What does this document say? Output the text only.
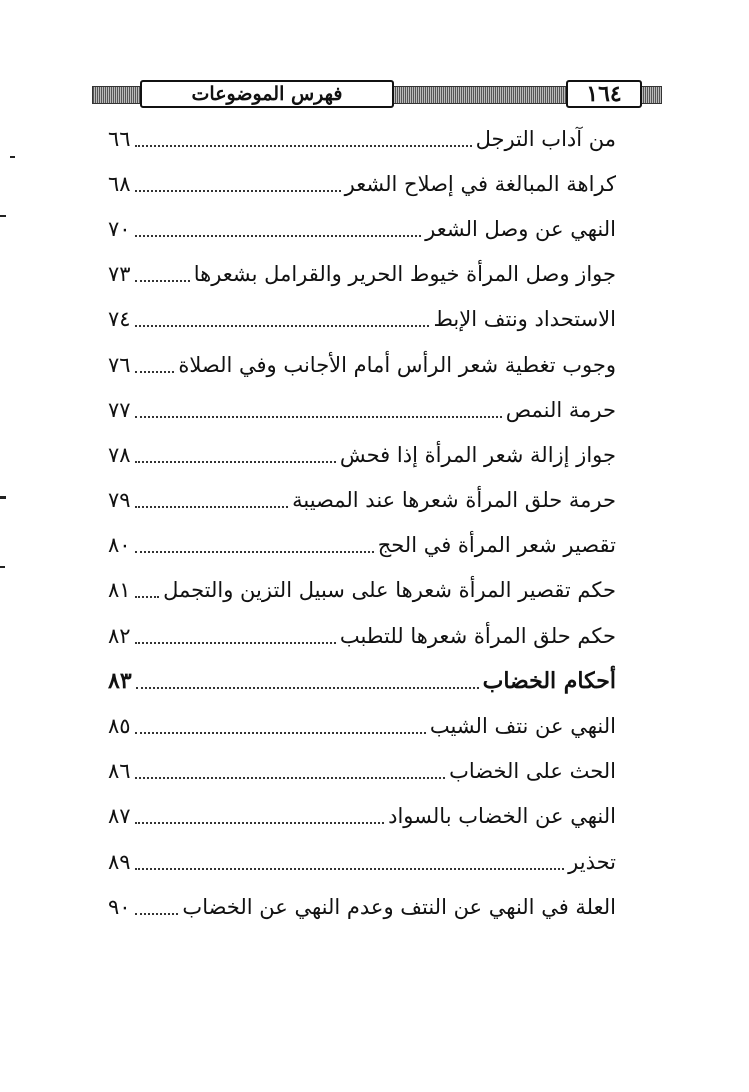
فهرس الموضوعات	١٦٤
من آداب الترجل
٦٦
كراهة المبالغة في إصلاح الشعر
٦٨
النهي عن وصل الشعر
٧٠
جواز وصل المرأة خيوط الحرير والقرامل بشعرها
٧٣
الاستحداد ونتف الإبط
٧٤
وجوب تغطية شعر الرأس أمام الأجانب وفي الصلاة
٧٦
حرمة النمص
٧٧
جواز إزالة شعر المرأة إذا فحش
٧٨
حرمة حلق المرأة شعرها عند المصيبة
٧٩
تقصير شعر المرأة في الحج
٨٠
حكم تقصير المرأة شعرها على سبيل التزين والتجمل
٨١
حكم حلق المرأة شعرها للتطبب
٨٢
أحكام الخضاب
٨٣
النهي عن نتف الشيب
٨٥
الحث على الخضاب
٨٦
النهي عن الخضاب بالسواد
٨٧
تحذير
٨٩
العلة في النهي عن النتف وعدم النهي عن الخضاب
٩٠
